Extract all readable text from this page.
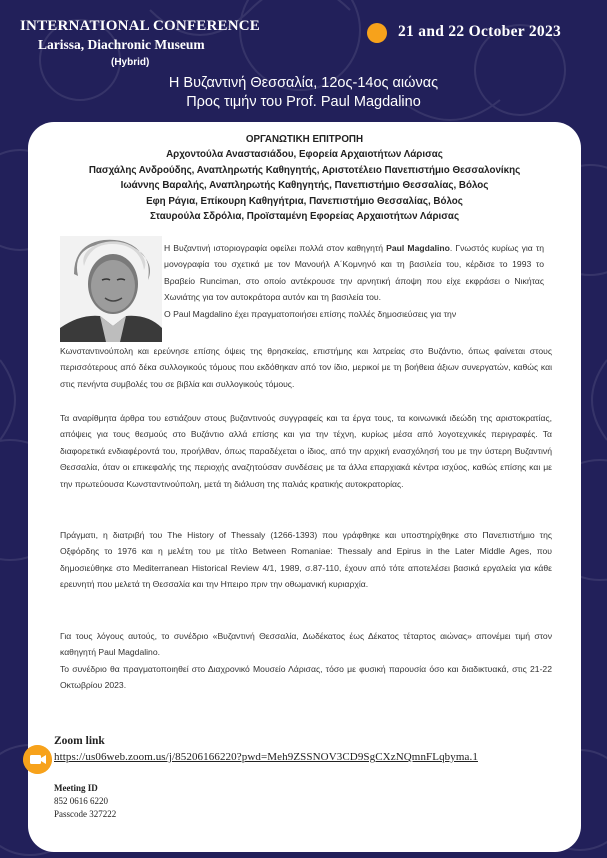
INTERNATIONAL CONFERENCE
Larissa, Diachronic Museum
(Hybrid)
21 and 22 October 2023
Η Βυζαντινή Θεσσαλία, 12ος-14ος αιώνας
Προς τιμήν του Prof. Paul Magdalino
ΟΡΓΑΝΩΤΙΚΗ ΕΠΙΤΡΟΠΗ
Αρχοντούλα Αναστασιάδου, Εφορεία Αρχαιοτήτων Λάρισας
Πασχάλης Ανδρούδης, Αναπληρωτής Καθηγητής, Αριστοτέλειο Πανεπιστήμιο Θεσσαλονίκης
Ιωάννης Βαραλής, Αναπληρωτής Καθηγητής, Πανεπιστήμιο Θεσσαλίας, Βόλος
Εφη Ράγια, Επίκουρη Καθηγήτρια, Πανεπιστήμιο Θεσσαλίας, Βόλος
Σταυρούλα Σδρόλια, Προϊσταμένη Εφορείας Αρχαιοτήτων Λάρισας
Η Βυζαντινή ιστοριογραφία οφείλει πολλά στον καθηγητή Paul Magdalino. Γνωστός κυρίως για τη μονογραφία του σχετικά με τον Μανουήλ Α΄Κομνηνό και τη βασιλεία του, κέρδισε το 1993 το Βραβείο Runciman, στο οποίο αντέκρουσε την αρνητική άποψη που είχε εκφράσει ο Νικήτας Χωνιάτης για τον αυτοκράτορα αυτόν και τη βασιλεία του.
Ο Paul Magdalino έχει πραγματοποιήσει επίσης πολλές δημοσιεύσεις για την
Κωνσταντινούπολη και ερεύνησε επίσης όψεις της θρησκείας, επιστήμης και λατρείας στο Βυζάντιο, όπως φαίνεται στους περισσότερους από δέκα συλλογικούς τόμους που εκδόθηκαν από τον ίδιο, μερικοί με τη βοήθεια άξιων συνεργατών, καθώς και στις πενήντα συμβολές του σε βιβλία και συλλογικούς τόμους.
Τα αναρίθμητα άρθρα του εστιάζουν στους βυζαντινούς συγγραφείς και τα έργα τους, τα κοινωνικά ιδεώδη της αριστοκρατίας, απόψεις για τους θεσμούς στο Βυζάντιο αλλά επίσης και για την τέχνη, κυρίως μέσα από λογοτεχνικές περιγραφές. Τα διαφορετικά ενδιαφέροντά του, προήλθαν, όπως παραδέχεται ο ίδιος, από την αρχική ενασχόλησή του με την ύστερη Βυζαντινή Θεσσαλία, όταν οι επικεφαλής της περιοχής αναζητούσαν συνδέσεις με τα άλλα επαρχιακά κέντρα ισχύος, καθώς επίσης και με την πρωτεύουσα Κωνσταντινούπολη, μετά τη διάλυση της παλιάς κρατικής αυτοκρατορίας.
Πράγματι, η διατριβή του The History of Thessaly (1266-1393) που γράφθηκε και υποστηρίχθηκε στο Πανεπιστήμιο της Οξφόρδης το 1976 και η μελέτη του με τίτλο Between Romaniae: Thessaly and Epirus in the Later Middle Ages, που δημοσιεύθηκε στο Mediterranean Historical Review 4/1, 1989, σ.87-110, έχουν από τότε αποτελέσει βασικά εργαλεία για κάθε ερευνητή που μελετά τη Θεσσαλία και την Ηπειρο πριν την οθωμανική κυριαρχία.
Για τους λόγους αυτούς, το συνέδριο «Βυζαντινή Θεσσαλία, Δωδέκατος έως Δέκατος τέταρτος αιώνας» απονέμει τιμή στον καθηγητή Paul Magdalino.
Το συνέδριο θα πραγματοποιηθεί στο Διαχρονικό Μουσείο Λάρισας, τόσο με φυσική παρουσία όσο και διαδικτυακά, στις 21-22 Οκτωβρίου 2023.
Zoom link
https://us06web.zoom.us/j/85206166220?pwd=Meh9ZSSNOV3CD9SgCXzNQmnFLqbyma.1
Meeting ID
852 0616 6220
Passcode 327222
